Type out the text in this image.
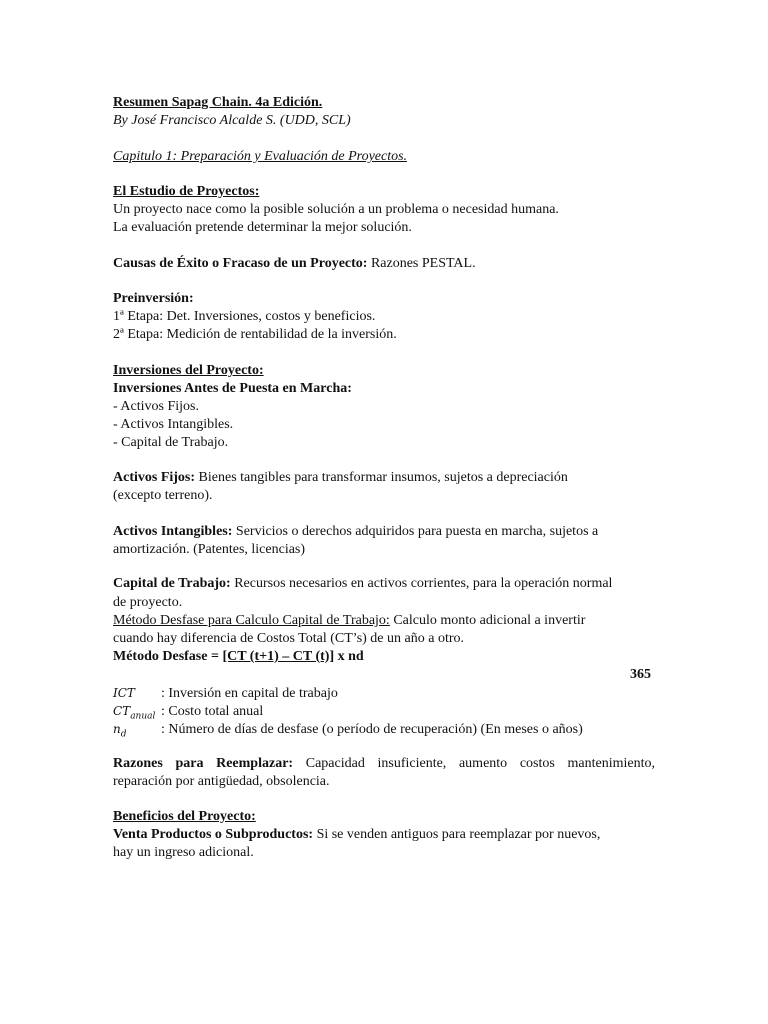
Resumen Sapag Chain. 4a Edición.
By José Francisco Alcalde S. (UDD, SCL)
Capitulo 1: Preparación y Evaluación de Proyectos.
El Estudio de Proyectos:
Un proyecto nace como la posible solución a un problema o necesidad humana.
La evaluación pretende determinar la mejor solución.
Causas de Éxito o Fracaso de un Proyecto: Razones PESTAL.
Preinversión:
1ª Etapa: Det. Inversiones, costos y beneficios.
2ª Etapa: Medición de rentabilidad de la inversión.
Inversiones del Proyecto:
Inversiones Antes de Puesta en Marcha:
- Activos Fijos.
- Activos Intangibles.
- Capital de Trabajo.
Activos Fijos: Bienes tangibles para transformar insumos, sujetos a depreciación
(excepto terreno).
Activos Intangibles: Servicios o derechos adquiridos para puesta en marcha, sujetos a
amortización. (Patentes, licencias)
Capital de Trabajo: Recursos necesarios en activos corrientes, para la operación normal
de proyecto.
Método Desfase para Calculo Capital de Trabajo: Calculo monto adicional a invertir
cuando hay diferencia de Costos Total (CT’s) de un año a otro.
Método Desfase = [CT (t+1) – CT (t)] x nd
365
ICT : Inversión en capital de trabajo
$CT_{anual}$ : Costo total anual
$n_d$ : Número de días de desfase (o período de recuperación) (En meses o años)
Razones para Reemplazar: Capacidad insuficiente, aumento costos mantenimiento,
reparación por antigüedad, obsolencia.
Beneficios del Proyecto:
Venta Productos o Subproductos: Si se venden antiguos para reemplazar por nuevos,
hay un ingreso adicional.
